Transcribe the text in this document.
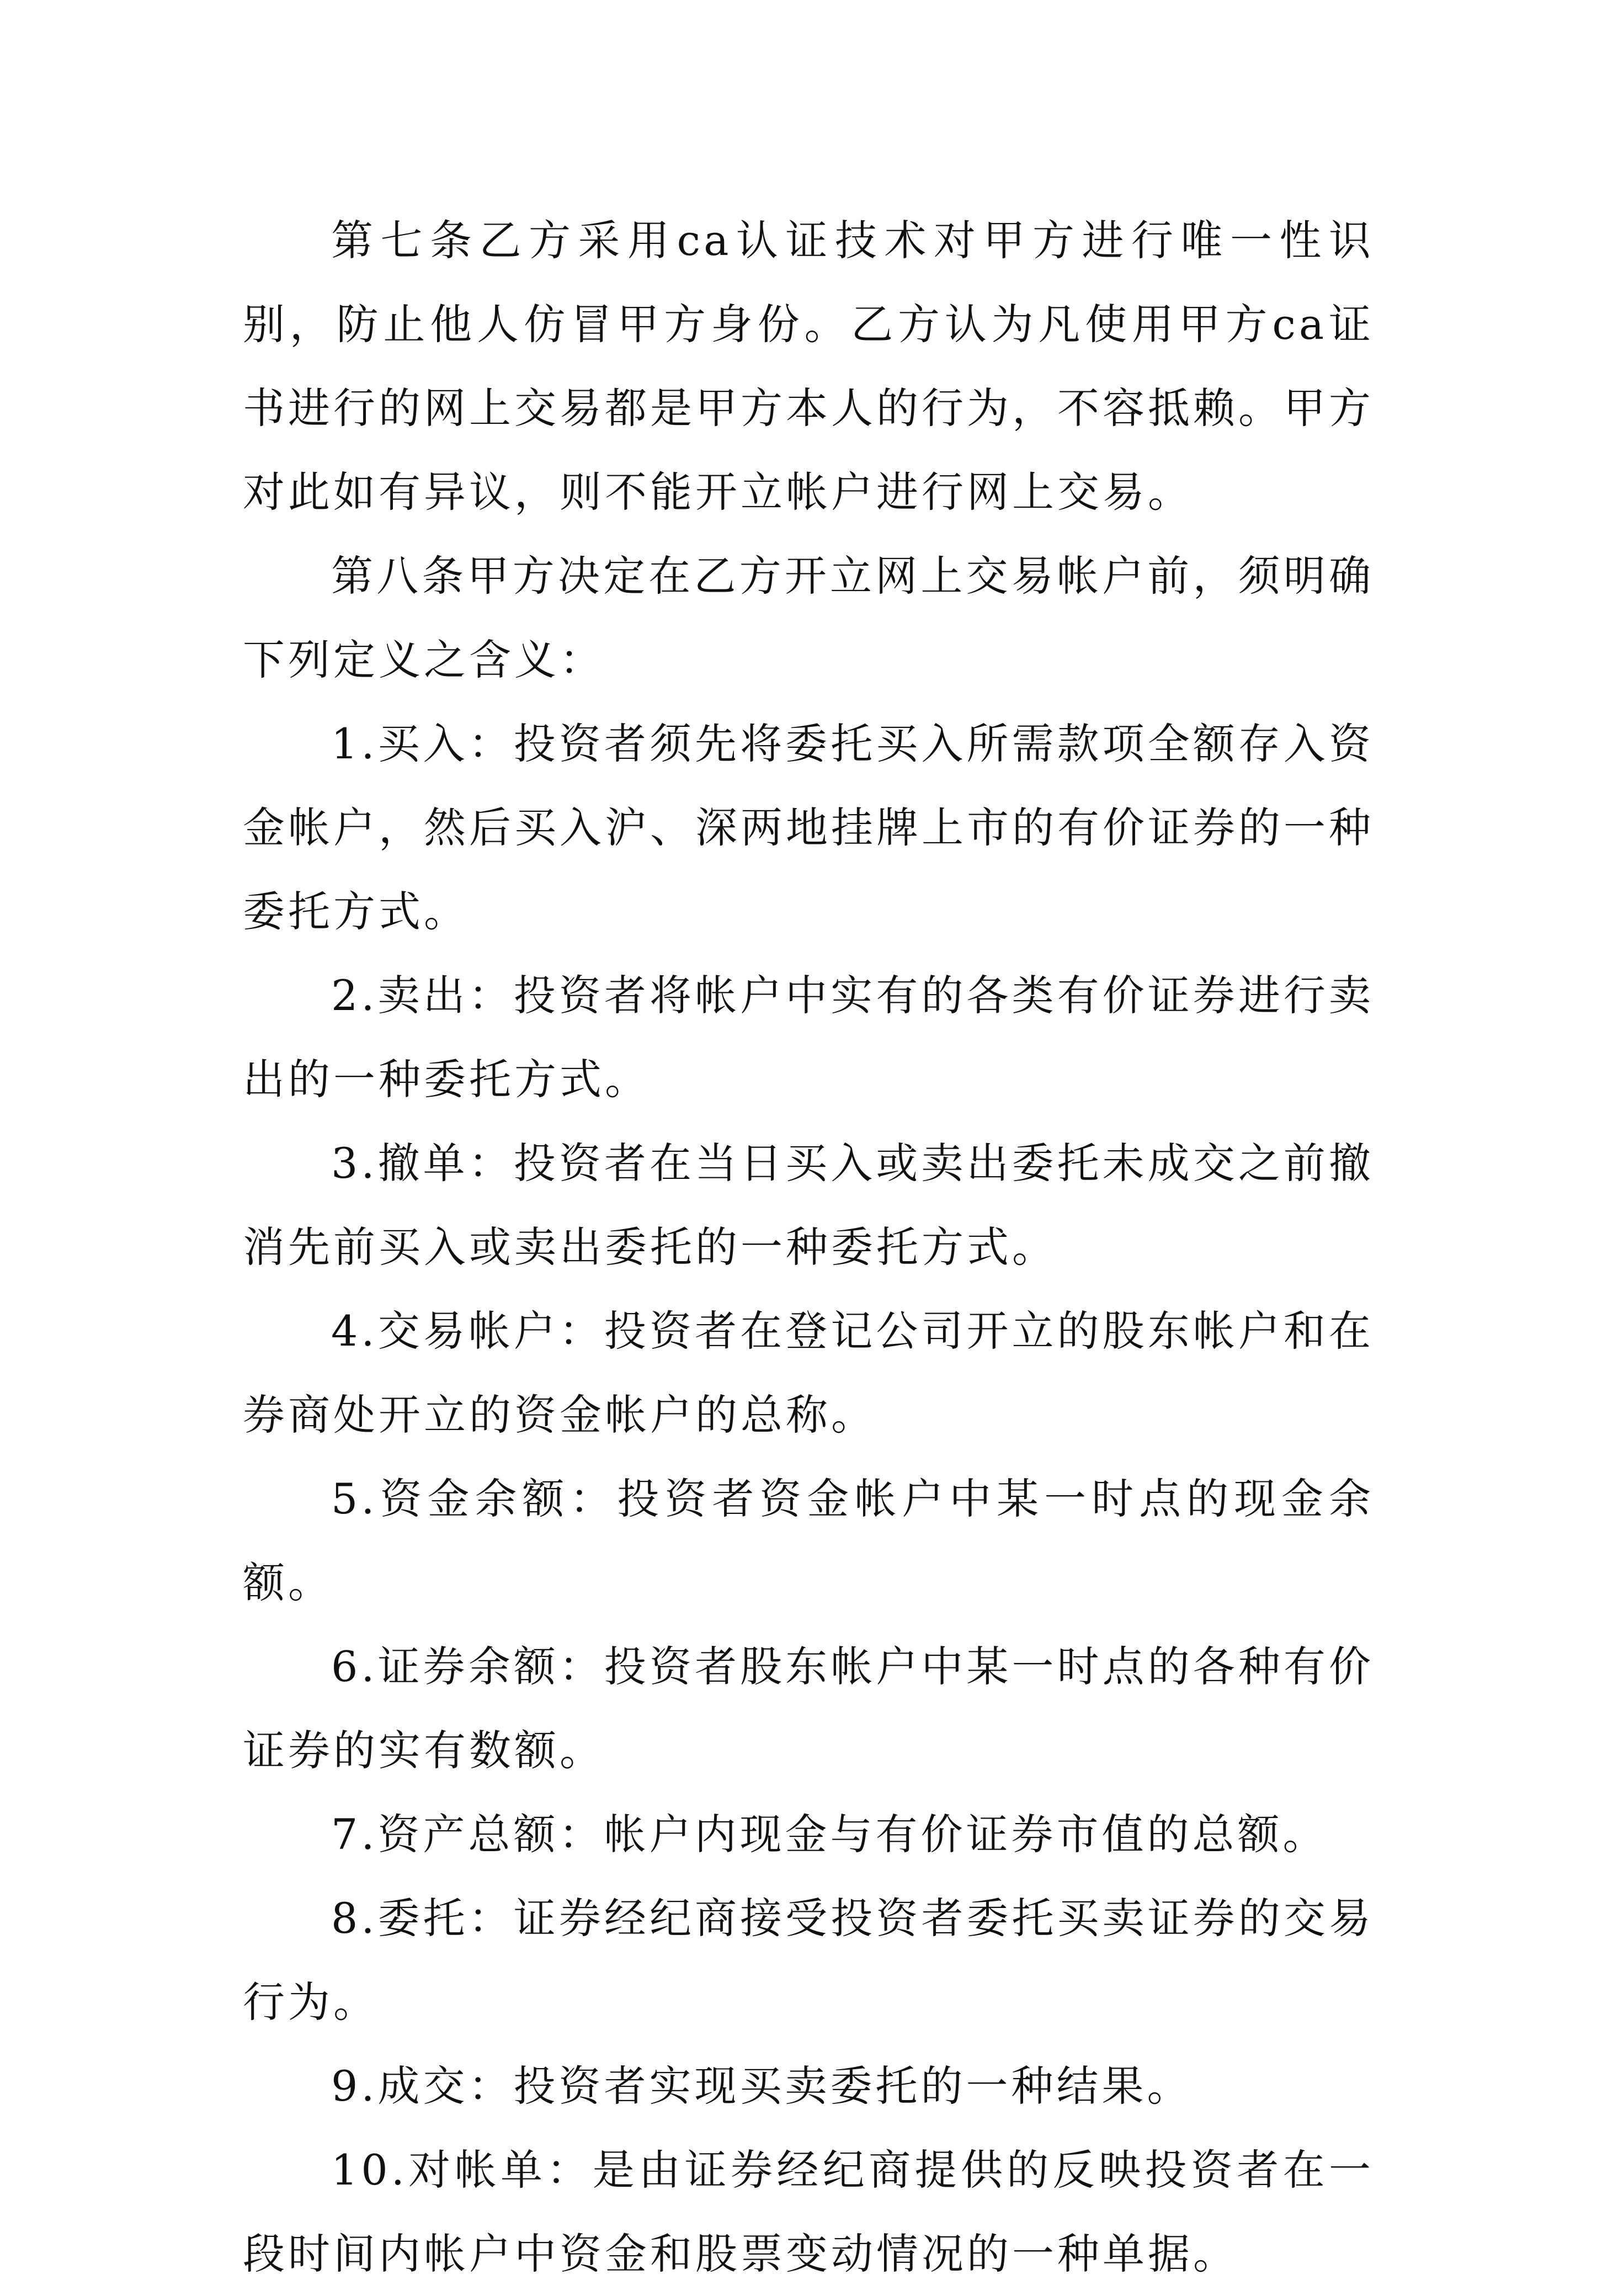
第七条乙方采用ca认证技术对甲方进行唯一性识别，防止他人仿冒甲方身份。乙方认为凡使用甲方ca证书进行的网上交易都是甲方本人的行为，不容抵赖。甲方对此如有异议，则不能开立帐户进行网上交易。

第八条甲方决定在乙方开立网上交易帐户前，须明确下列定义之含义：

1.买入：投资者须先将委托买入所需款项全额存入资金帐户，然后买入沪、深两地挂牌上市的有价证券的一种委托方式。

2.卖出：投资者将帐户中实有的各类有价证券进行卖出的一种委托方式。

3.撤单：投资者在当日买入或卖出委托未成交之前撤消先前买入或卖出委托的一种委托方式。

4.交易帐户：投资者在登记公司开立的股东帐户和在券商处开立的资金帐户的总称。

5.资金余额：投资者资金帐户中某一时点的现金余额。

6.证券余额：投资者股东帐户中某一时点的各种有价证券的实有数额。

7.资产总额：帐户内现金与有价证券市值的总额。

8.委托：证券经纪商接受投资者委托买卖证券的交易行为。

9.成交：投资者实现买卖委托的一种结果。

10.对帐单：是由证券经纪商提供的反映投资者在一段时间内帐户中资金和股票变动情况的一种单据。
